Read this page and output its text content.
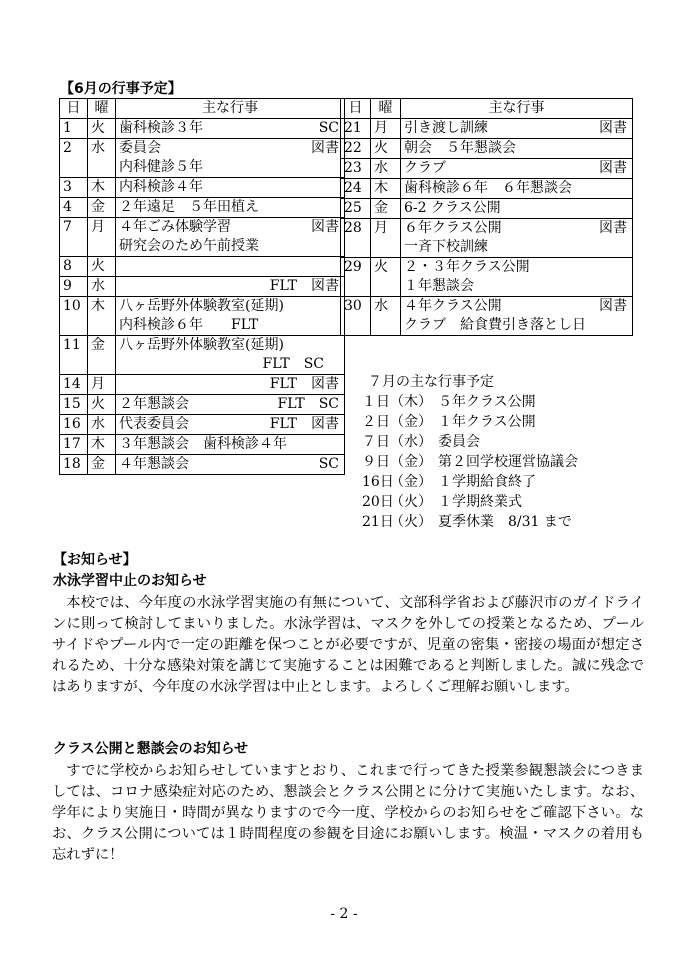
【6月の行事予定】
日	曜	主な行事
1	火	歯科検診３年 SC

2	水	委員会 図書

		内科健診５年
3	木	内科検診４年

4	金	２年遠足　５年田植え

7	月	４年ごみ体験学習 図書

		研究会のため午前授業
8	火	

9	水	FLT　図書

10	木	八ヶ岳野外体験教室(延期)

		内科検診６年　　FLT
11	金	八ヶ岳野外体験教室(延期)

		FLT　SC
14	月	FLT　図書

15	火	２年懇談会 FLT　SC

16	水	代表委員会 FLT　図書

17	木	３年懇談会　歯科検診４年

18	金	４年懇談会 SC
日	曜	主な行事
21	月	引き渡し訓練 図書

22	火	朝会　５年懇談会

23	水	クラブ 図書

24	木	歯科検診６年　６年懇談会

25	金	6-2 クラス公開

28	月	６年クラス公開 図書

		一斉下校訓練
29	火	２・３年クラス公開

		１年懇談会
30	水	４年クラス公開 図書

		クラブ　給食費引き落とし日
７月の主な行事予定
１日（木） ５年クラス公開
２日（金） １年クラス公開
７日（水） 委員会
９日（金） 第２回学校運営協議会
16日（金） １学期給食終了
20日（火） １学期終業式
21日（火） 夏季休業　8/31 まで
【お知らせ】
水泳学習中止のお知らせ

本校では、今年度の水泳学習実施の有無について、文部科学省および藤沢市のガイドラインに則って検討してまいりました。水泳学習は、マスクを外しての授業となるため、プールサイドやプール内で一定の距離を保つことが必要ですが、児童の密集・密接の場面が想定されるため、十分な感染対策を講じて実施することは困難であると判断しました。誠に残念ではありますが、今年度の水泳学習は中止とします。よろしくご理解お願いします。

クラス公開と懇談会のお知らせ

すでに学校からお知らせしていますとおり、これまで行ってきた授業参観懇談会につきましては、コロナ感染症対応のため、懇談会とクラス公開とに分けて実施いたします。なお、学年により実施日・時間が異なりますので今一度、学校からのお知らせをご確認下さい。なお、クラス公開については１時間程度の参観を目途にお願いします。検温・マスクの着用も忘れずに！

- 2 -
